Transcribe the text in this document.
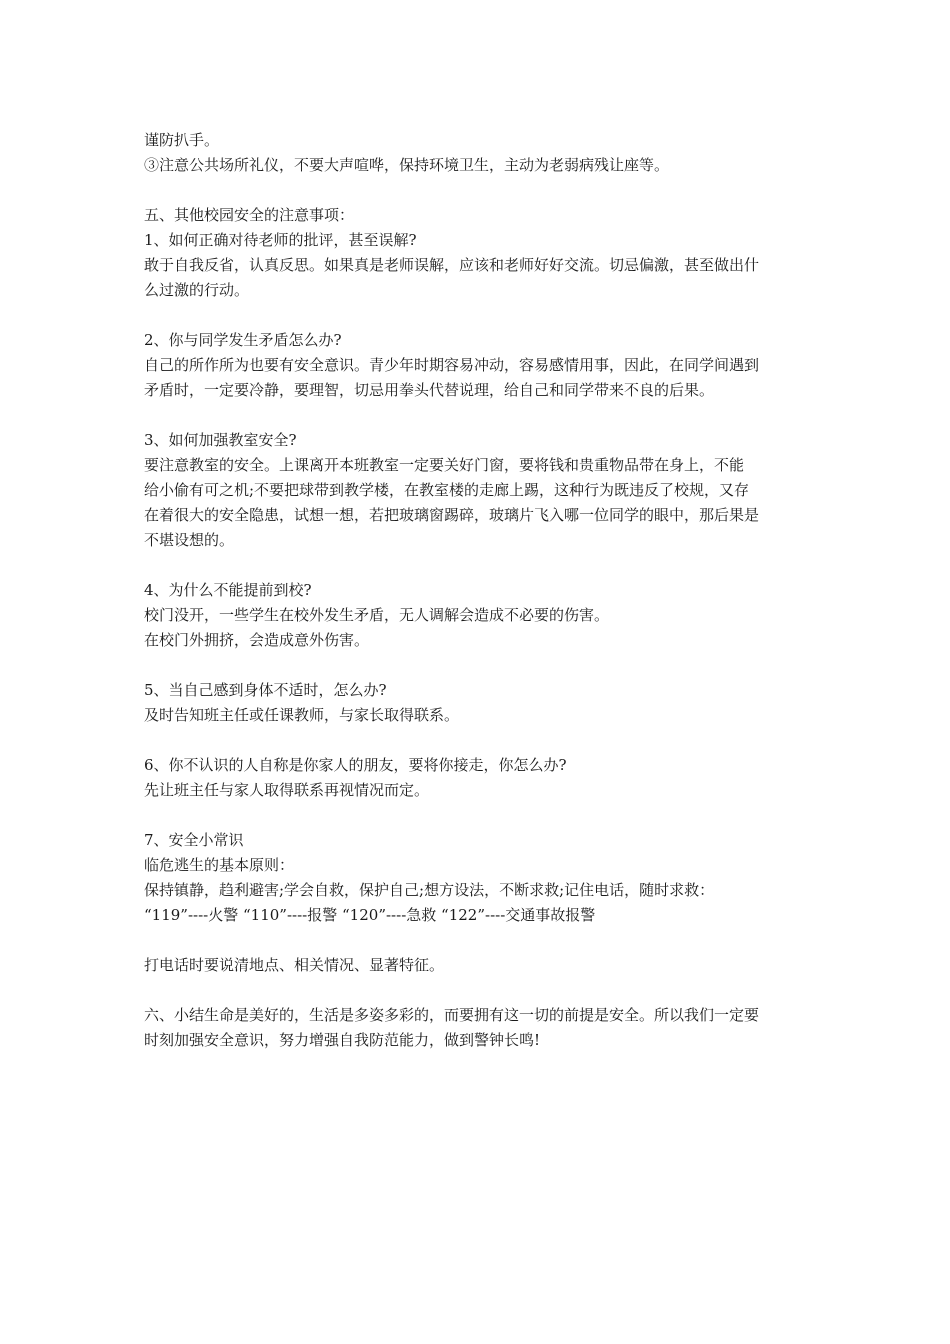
谨防扒手。
③注意公共场所礼仪，不要大声喧哗，保持环境卫生，主动为老弱病残让座等。
五、其他校园安全的注意事项：
1、如何正确对待老师的批评，甚至误解?
敢于自我反省，认真反思。如果真是老师误解，应该和老师好好交流。切忌偏激，甚至做出什
么过激的行动。
2、你与同学发生矛盾怎么办?
自己的所作所为也要有安全意识。青少年时期容易冲动，容易感情用事，因此，在同学间遇到
矛盾时，一定要冷静，要理智，切忌用拳头代替说理，给自己和同学带来不良的后果。
3、如何加强教室安全?
要注意教室的安全。上课离开本班教室一定要关好门窗，要将钱和贵重物品带在身上，不能
给小偷有可之机;不要把球带到教学楼，在教室楼的走廊上踢，这种行为既违反了校规，又存
在着很大的安全隐患，试想一想，若把玻璃窗踢碎，玻璃片飞入哪一位同学的眼中，那后果是
不堪设想的。
4、为什么不能提前到校?
校门没开，一些学生在校外发生矛盾，无人调解会造成不必要的伤害。
在校门外拥挤，会造成意外伤害。
5、当自己感到身体不适时，怎么办?
及时告知班主任或任课教师，与家长取得联系。
6、你不认识的人自称是你家人的朋友，要将你接走，你怎么办?
先让班主任与家人取得联系再视情况而定。
7、安全小常识
临危逃生的基本原则：
保持镇静，趋利避害;学会自救，保护自己;想方设法，不断求救;记住电话，随时求救：
“119”----火警 “110”----报警 “120”----急救 “122”----交通事故报警
打电话时要说清地点、相关情况、显著特征。
六、小结生命是美好的，生活是多姿多彩的，而要拥有这一切的前提是安全。所以我们一定要
时刻加强安全意识，努力增强自我防范能力，做到警钟长鸣!
